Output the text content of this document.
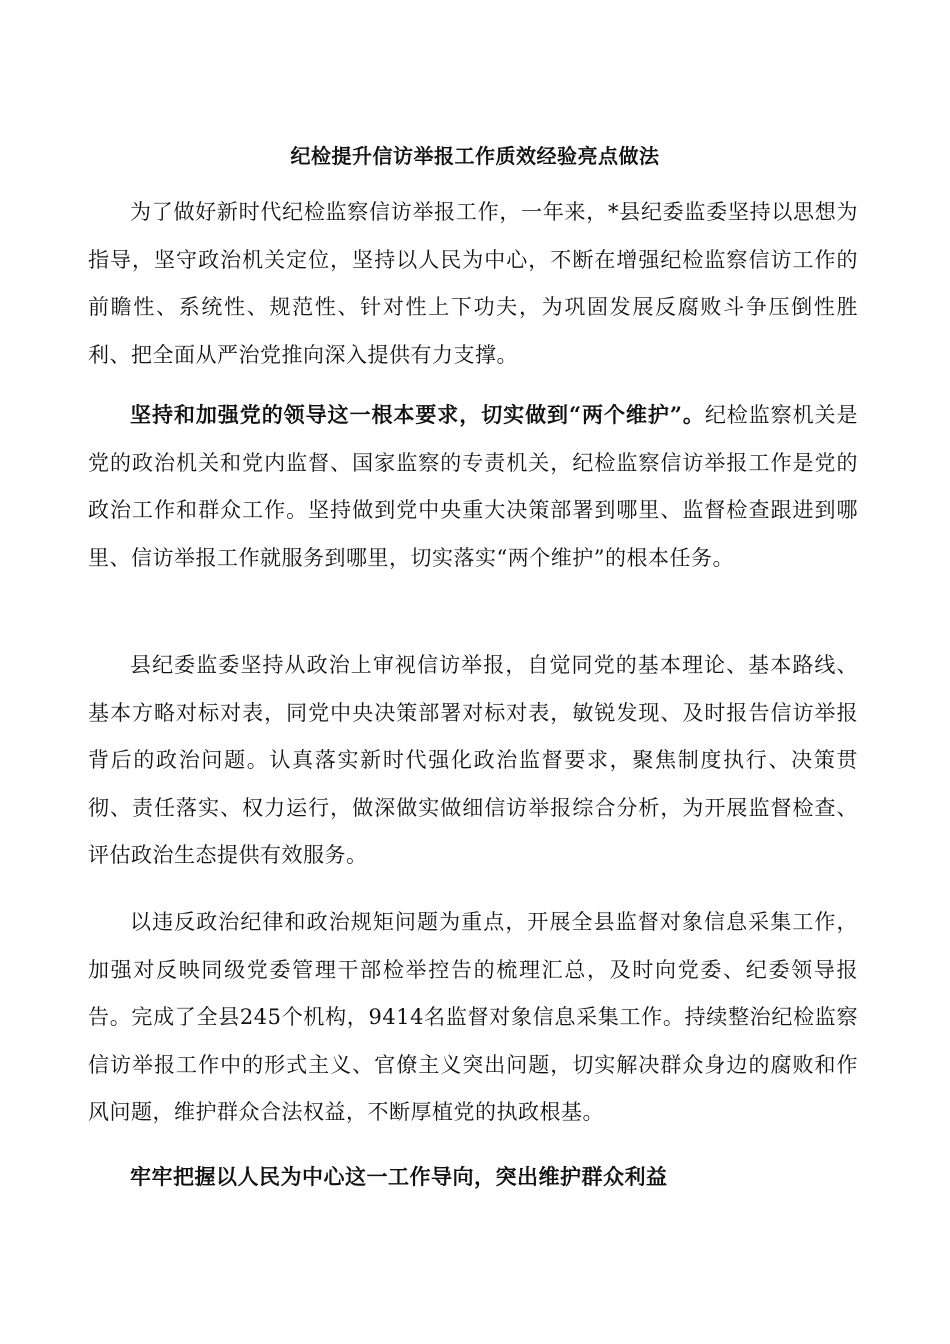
纪检提升信访举报工作质效经验亮点做法

为了做好新时代纪检监察信访举报工作，一年来，*县纪委监委坚持以思想为指导，坚守政治机关定位，坚持以人民为中心，不断在增强纪检监察信访工作的前瞻性、系统性、规范性、针对性上下功夫，为巩固发展反腐败斗争压倒性胜利、把全面从严治党推向深入提供有力支撑。

坚持和加强党的领导这一根本要求，切实做到“两个维护”。纪检监察机关是党的政治机关和党内监督、国家监察的专责机关，纪检监察信访举报工作是党的政治工作和群众工作。坚持做到党中央重大决策部署到哪里、监督检查跟进到哪里、信访举报工作就服务到哪里，切实落实“两个维护”的根本任务。

县纪委监委坚持从政治上审视信访举报，自觉同党的基本理论、基本路线、基本方略对标对表，同党中央决策部署对标对表，敏锐发现、及时报告信访举报背后的政治问题。认真落实新时代强化政治监督要求，聚焦制度执行、决策贯彻、责任落实、权力运行，做深做实做细信访举报综合分析，为开展监督检查、评估政治生态提供有效服务。

以违反政治纪律和政治规矩问题为重点，开展全县监督对象信息采集工作，加强对反映同级党委管理干部检举控告的梳理汇总，及时向党委、纪委领导报告。完成了全县245个机构，9414名监督对象信息采集工作。持续整治纪检监察信访举报工作中的形式主义、官僚主义突出问题，切实解决群众身边的腐败和作风问题，维护群众合法权益，不断厚植党的执政根基。

牢牢把握以人民为中心这一工作导向，突出维护群众利益
